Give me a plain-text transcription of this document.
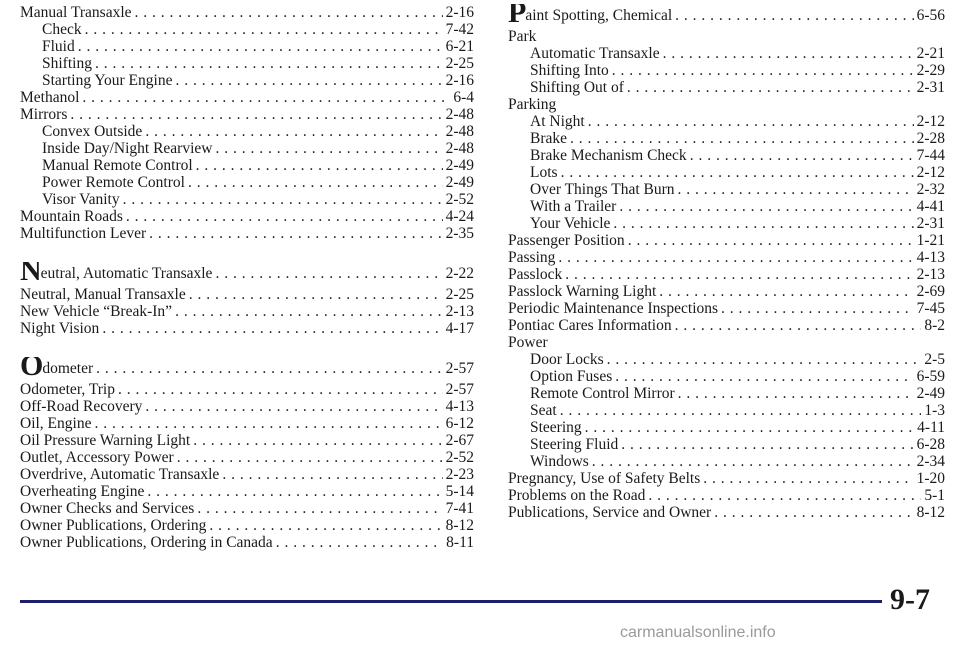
Manual Transaxle . . .	2-16
Check . . .	7-42
Fluid . . .	6-21
Shifting . . .	2-25
Starting Your Engine . . .	2-16
Methanol . . .	6-4
Mirrors . . .	2-48
Convex Outside . . .	2-48
Inside Day/Night Rearview . . .	2-48
Manual Remote Control . . .	2-49
Power Remote Control . . .	2-49
Visor Vanity . . .	2-52
Mountain Roads . . .	4-24
Multifunction Lever . . .	2-35
Neutral, Automatic Transaxle . . .	2-22
Neutral, Manual Transaxle . . .	2-25
New Vehicle “Break-In” . . .	2-13
Night Vision . . .	4-17
Odometer . . .	2-57
Odometer, Trip . . .	2-57
Off-Road Recovery . . .	4-13
Oil, Engine . . .	6-12
Oil Pressure Warning Light . . .	2-67
Outlet, Accessory Power . . .	2-52
Overdrive, Automatic Transaxle . . .	2-23
Overheating Engine . . .	5-14
Owner Checks and Services . . .	7-41
Owner Publications, Ordering . . .	8-12
Owner Publications, Ordering in Canada . . .	8-11
Paint Spotting, Chemical . . .	6-56
Park
Automatic Transaxle . . .	2-21
Shifting Into . . .	2-29
Shifting Out of . . .	2-31
Parking
At Night . . .	2-12
Brake . . .	2-28
Brake Mechanism Check . . .	7-44
Lots . . .	2-12
Over Things That Burn . . .	2-32
With a Trailer . . .	4-41
Your Vehicle . . .	2-31
Passenger Position . . .	1-21
Passing . . .	4-13
Passlock . . .	2-13
Passlock Warning Light . . .	2-69
Periodic Maintenance Inspections . . .	7-45
Pontiac Cares Information . . .	8-2
Power
Door Locks . . .	2-5
Option Fuses . . .	6-59
Remote Control Mirror . . .	2-49
Seat . . .	1-3
Steering . . .	4-11
Steering Fluid . . .	6-28
Windows . . .	2-34
Pregnancy, Use of Safety Belts . . .	1-20
Problems on the Road . . .	5-1
Publications, Service and Owner . . .	8-12
9-7
carmanualsonline.info
